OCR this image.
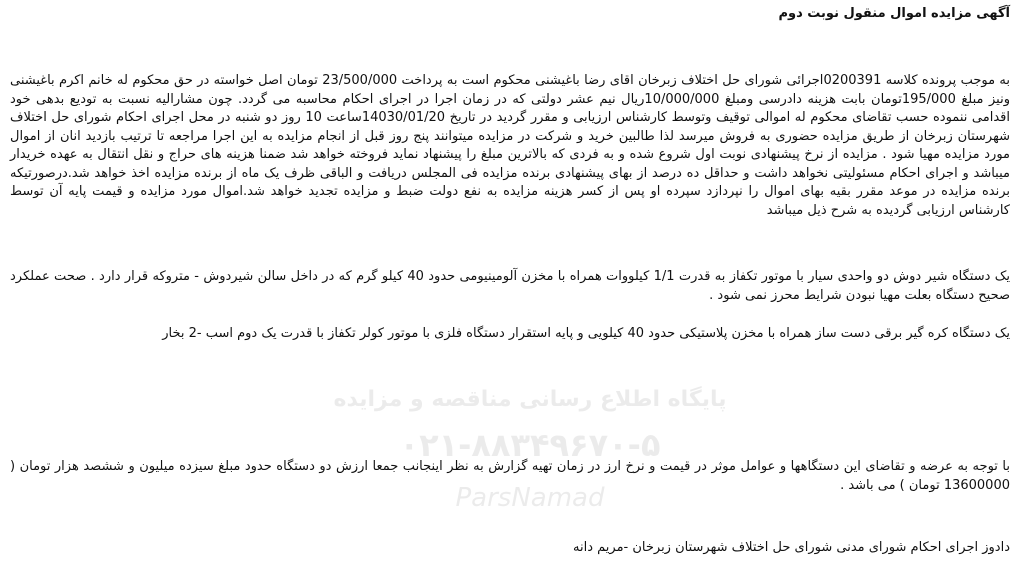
آگهی مزایده اموال منقول نوبت دوم
به موجب پرونده کلاسه 0200391اجرائی شورای حل اختلاف زبرخان اقای رضا باغیشنی محکوم است به پرداخت 23/500/000 تومان اصل خواسته در حق محکوم له خانم اکرم باغیشنی ونیز مبلغ 195/000تومان بابت هزینه دادرسی ومبلغ 10/000/000ریال نیم عشر دولتی که در زمان اجرا در اجرای احکام محاسبه می گردد. چون مشارالیه نسبت به تودیع بدهی خود اقدامی ننموده حسب تقاضای محکوم له اموالی توقیف وتوسط کارشناس ارزیابی و مقرر گردید در تاریخ 14030/01/20ساعت 10 روز دو شنبه در محل اجرای احکام شورای حل اختلاف شهرستان زبرخان از طریق مزایده حضوری به فروش میرسد لذا طالبین خرید و شرکت در مزایده میتوانند پنج روز قبل از انجام مزایده به این اجرا مراجعه تا ترتیب بازدید انان از اموال مورد مزایده مهیا شود . مزایده از نرخ پیشنهادی نوبت اول شروع شده و به فردی که بالاترین مبلغ را پیشنهاد نماید فروخته خواهد شد ضمنا هزینه های حراج و نقل انتقال به عهده خریدار میباشد و اجرای احکام مسئولیتی نخواهد داشت و حداقل ده درصد از بهای پیشنهادی برنده مزایده فی المجلس دریافت و الباقی ظرف یک ماه از برنده مزایده اخذ خواهد شد.درصورتیکه برنده مزایده در موعد مقرر بقیه بهای اموال را نپردازد سپرده او پس از کسر هزینه مزایده به نفع دولت ضبط و مزایده تجدید خواهد شد.اموال مورد مزایده و قیمت پایه آن توسط کارشناس ارزیابی گردیده به شرح ذیل میباشد
یک دستگاه شیر دوش دو واحدی سیار با موتور تکفاز به قدرت 1/1 کیلووات همراه با مخزن آلومینیومی حدود 40 کیلو گرم که در داخل سالن شیردوش - متروکه قرار دارد . صحت عملکرد صحیح دستگاه بعلت مهیا نبودن شرایط محرز نمی شود .
یک دستگاه کره گیر برقی دست ساز همراه با مخزن پلاستیکی حدود 40 کیلویی و پایه استقرار دستگاه فلزی با موتور کولر تکفاز با قدرت یک دوم اسب -2 بخار
با توجه به عرضه و تقاضای این دستگاهها و عوامل موثر در قیمت و نرخ ارز در زمان تهیه گزارش به نظر اینجانب جمعا ارزش دو دستگاه حدود مبلغ سیزده میلیون و ششصد هزار تومان ( 13600000 تومان ) می باشد .
دادوز اجرای احکام شورای مدنی شورای حل اختلاف شهرستان زبرخان -مریم دانه
پایگاه اطلاع رسانی مناقصه و مزایده
۰۲۱-۸۸۳۴۹۶۷۰-۵
ParsNamad
